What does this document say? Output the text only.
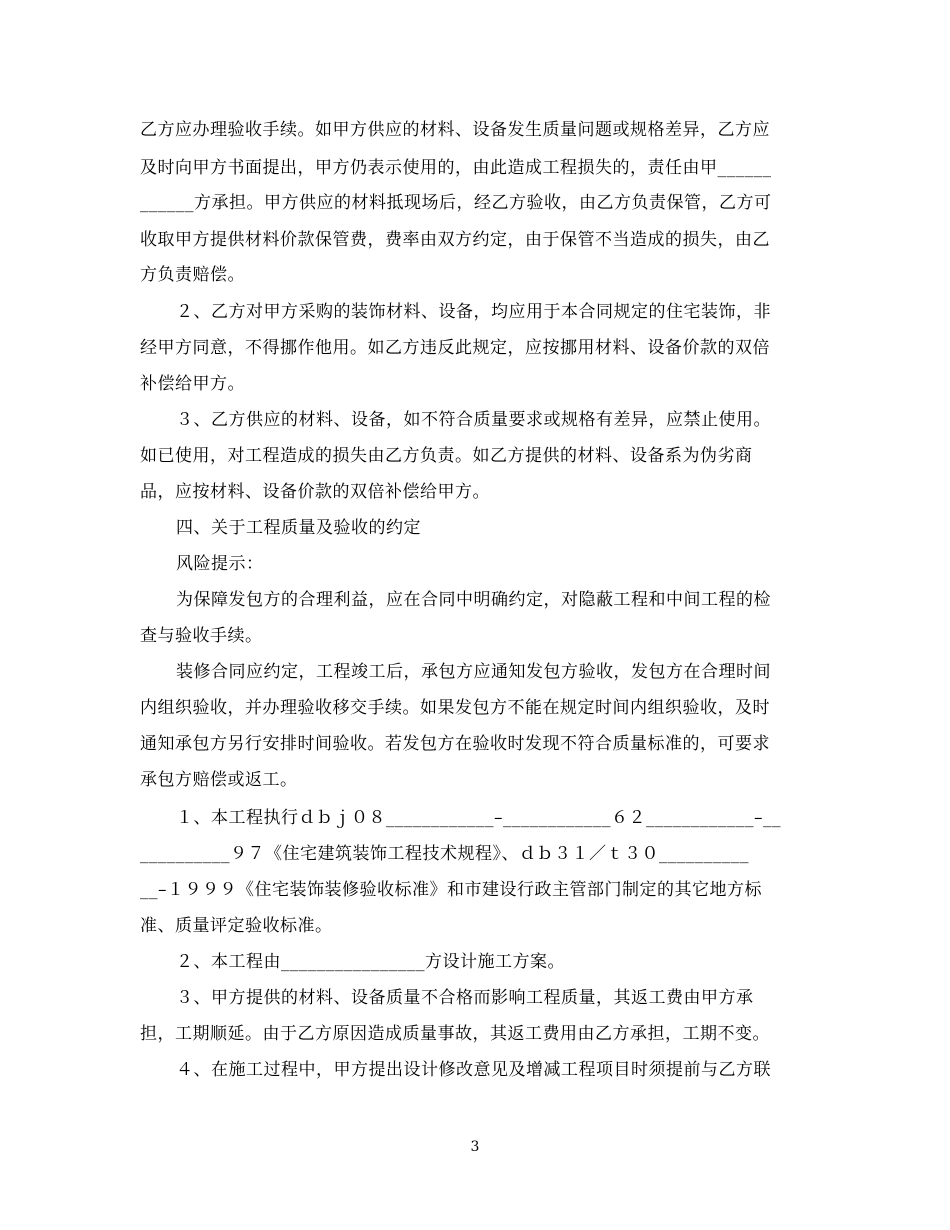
乙方应办理验收手续。如甲方供应的材料、设备发生质量问题或规格差异，乙方应
及时向甲方书面提出，甲方仍表示使用的，由此造成工程损失的，责任由甲______
______方承担。甲方供应的材料抵现场后，经乙方验收，由乙方负责保管，乙方可
收取甲方提供材料价款保管费，费率由双方约定，由于保管不当造成的损失，由乙
方负责赔偿。
２、乙方对甲方采购的装饰材料、设备，均应用于本合同规定的住宅装饰，非
经甲方同意，不得挪作他用。如乙方违反此规定，应按挪用材料、设备价款的双倍
补偿给甲方。
３、乙方供应的材料、设备，如不符合质量要求或规格有差异，应禁止使用。
如已使用，对工程造成的损失由乙方负责。如乙方提供的材料、设备系为伪劣商
品，应按材料、设备价款的双倍补偿给甲方。
四、关于工程质量及验收的约定
风险提示：
为保障发包方的合理利益，应在合同中明确约定，对隐蔽工程和中间工程的检
查与验收手续。
装修合同应约定，工程竣工后，承包方应通知发包方验收，发包方在合理时间
内组织验收，并办理验收移交手续。如果发包方不能在规定时间内组织验收，及时
通知承包方另行安排时间验收。若发包方在验收时发现不符合质量标准的，可要求
承包方赔偿或返工。
１、本工程执行ｄｂｊ０８____________–____________６２____________–__
__________９７《住宅建筑装饰工程技术规程》、ｄｂ３１／ｔ３０__________
__–１９９９《住宅装饰装修验收标准》和市建设行政主管部门制定的其它地方标
准、质量评定验收标准。
２、本工程由________________方设计施工方案。
３、甲方提供的材料、设备质量不合格而影响工程质量，其返工费由甲方承
担，工期顺延。由于乙方原因造成质量事故，其返工费用由乙方承担，工期不变。
４、在施工过程中，甲方提出设计修改意见及增减工程项目时须提前与乙方联
3
